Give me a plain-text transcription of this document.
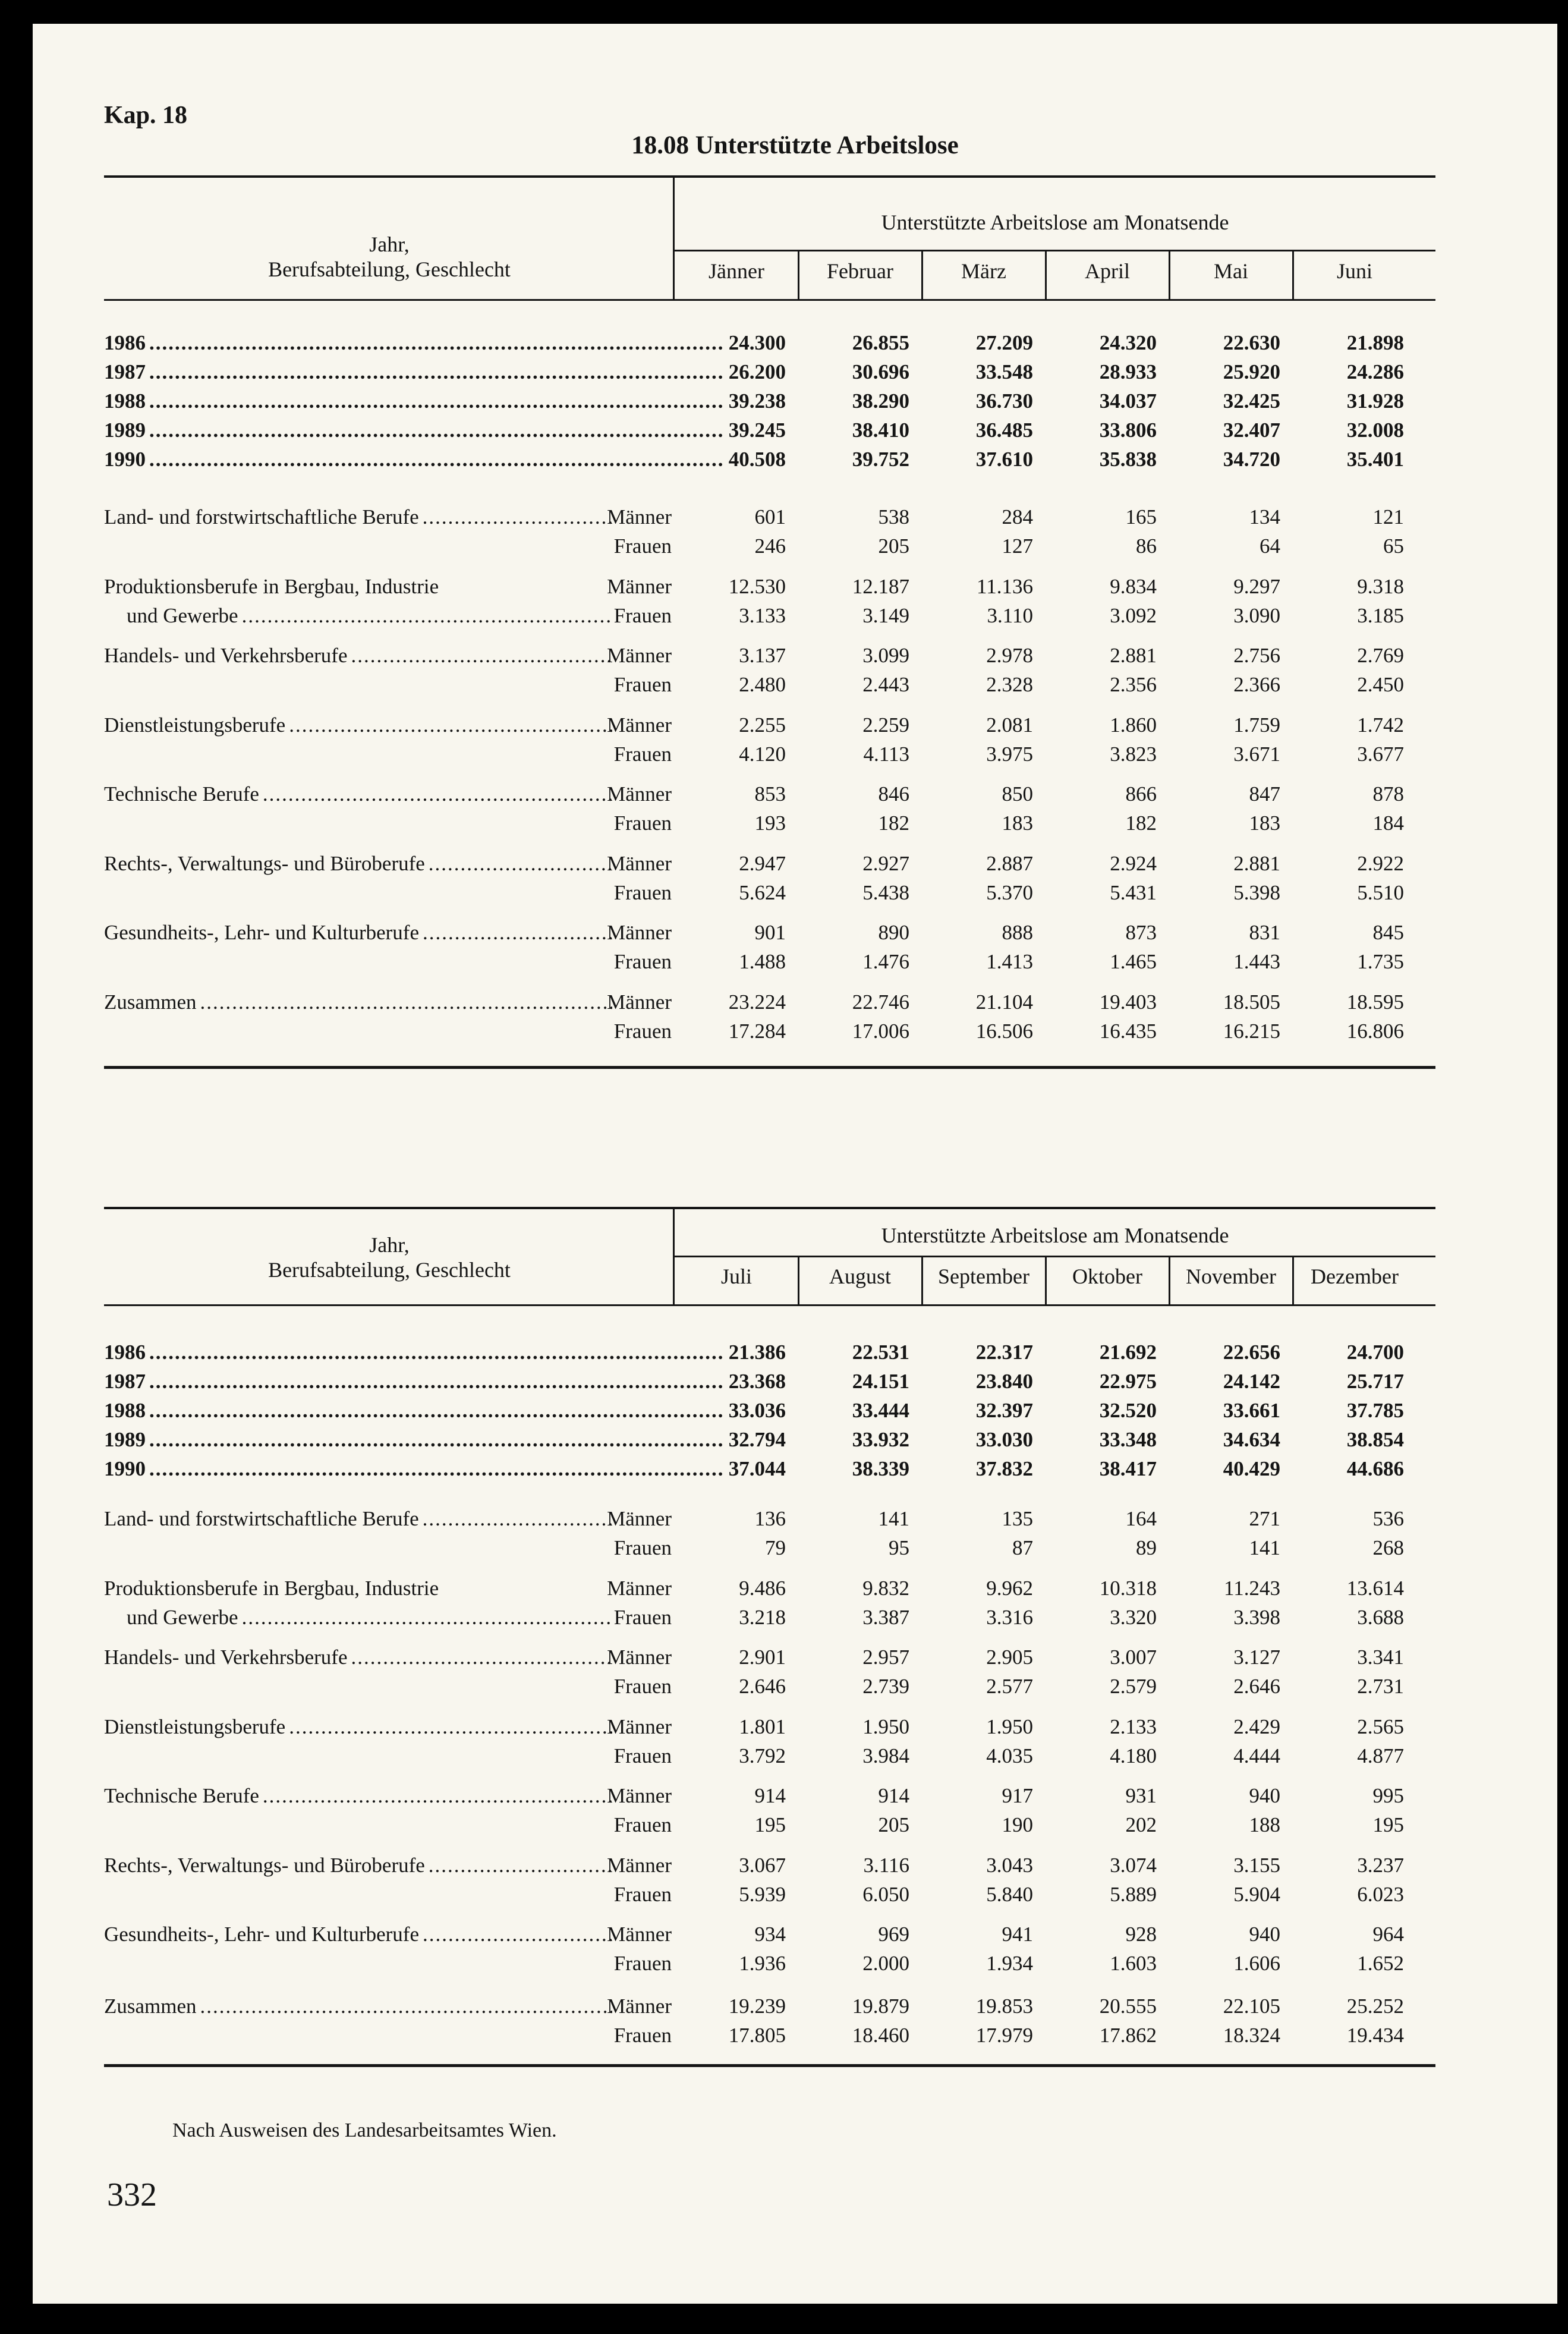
Kap. 18
18.08 Unterstützte Arbeitslose
Jahr,
Berufsabteilung, Geschlecht
Unterstützte Arbeitslose am Monatsende
Jänner	Februar	März	April	Mai	Juni
1986 .....	24.300	26.855	27.209	24.320	22.630	21.898
1987 .....	26.200	30.696	33.548	28.933	25.920	24.286
1988 .....	39.238	38.290	36.730	34.037	32.425	31.928
1989 .....	39.245	38.410	36.485	33.806	32.407	32.008
1990 .....	40.508	39.752	37.610	35.838	34.720	35.401
Land- und forstwirtschaftliche Berufe .....	Männer	601	538	284	165	134	121
Frauen	246	205	127	86	64	65
Produktionsberufe in Bergbau, Industrie	Männer	12.530	12.187	11.136	9.834	9.297	9.318
und Gewerbe .....	Frauen	3.133	3.149	3.110	3.092	3.090	3.185
Handels- und Verkehrsberufe .....	Männer	3.137	3.099	2.978	2.881	2.756	2.769
Frauen	2.480	2.443	2.328	2.356	2.366	2.450
Dienstleistungsberufe .....	Männer	2.255	2.259	2.081	1.860	1.759	1.742
Frauen	4.120	4.113	3.975	3.823	3.671	3.677
Technische Berufe .....	Männer	853	846	850	866	847	878
Frauen	193	182	183	182	183	184
Rechts-, Verwaltungs- und Büroberufe .....	Männer	2.947	2.927	2.887	2.924	2.881	2.922
Frauen	5.624	5.438	5.370	5.431	5.398	5.510
Gesundheits-, Lehr- und Kulturberufe .....	Männer	901	890	888	873	831	845
Frauen	1.488	1.476	1.413	1.465	1.443	1.735
Zusammen .....	Männer	23.224	22.746	21.104	19.403	18.505	18.595
Frauen	17.284	17.006	16.506	16.435	16.215	16.806
Jahr,
Berufsabteilung, Geschlecht
Unterstützte Arbeitslose am Monatsende
Juli	August	September	Oktober	November	Dezember
1986 .....	21.386	22.531	22.317	21.692	22.656	24.700
1987 .....	23.368	24.151	23.840	22.975	24.142	25.717
1988 .....	33.036	33.444	32.397	32.520	33.661	37.785
1989 .....	32.794	33.932	33.030	33.348	34.634	38.854
1990 .....	37.044	38.339	37.832	38.417	40.429	44.686
Land- und forstwirtschaftliche Berufe .....	Männer	136	141	135	164	271	536
Frauen	79	95	87	89	141	268
Produktionsberufe in Bergbau, Industrie	Männer	9.486	9.832	9.962	10.318	11.243	13.614
und Gewerbe .....	Frauen	3.218	3.387	3.316	3.320	3.398	3.688
Handels- und Verkehrsberufe .....	Männer	2.901	2.957	2.905	3.007	3.127	3.341
Frauen	2.646	2.739	2.577	2.579	2.646	2.731
Dienstleistungsberufe .....	Männer	1.801	1.950	1.950	2.133	2.429	2.565
Frauen	3.792	3.984	4.035	4.180	4.444	4.877
Technische Berufe .....	Männer	914	914	917	931	940	995
Frauen	195	205	190	202	188	195
Rechts-, Verwaltungs- und Büroberufe .....	Männer	3.067	3.116	3.043	3.074	3.155	3.237
Frauen	5.939	6.050	5.840	5.889	5.904	6.023
Gesundheits-, Lehr- und Kulturberufe .....	Männer	934	969	941	928	940	964
Frauen	1.936	2.000	1.934	1.603	1.606	1.652
Zusammen .....	Männer	19.239	19.879	19.853	20.555	22.105	25.252
Frauen	17.805	18.460	17.979	17.862	18.324	19.434
Nach Ausweisen des Landesarbeitsamtes Wien.
332
